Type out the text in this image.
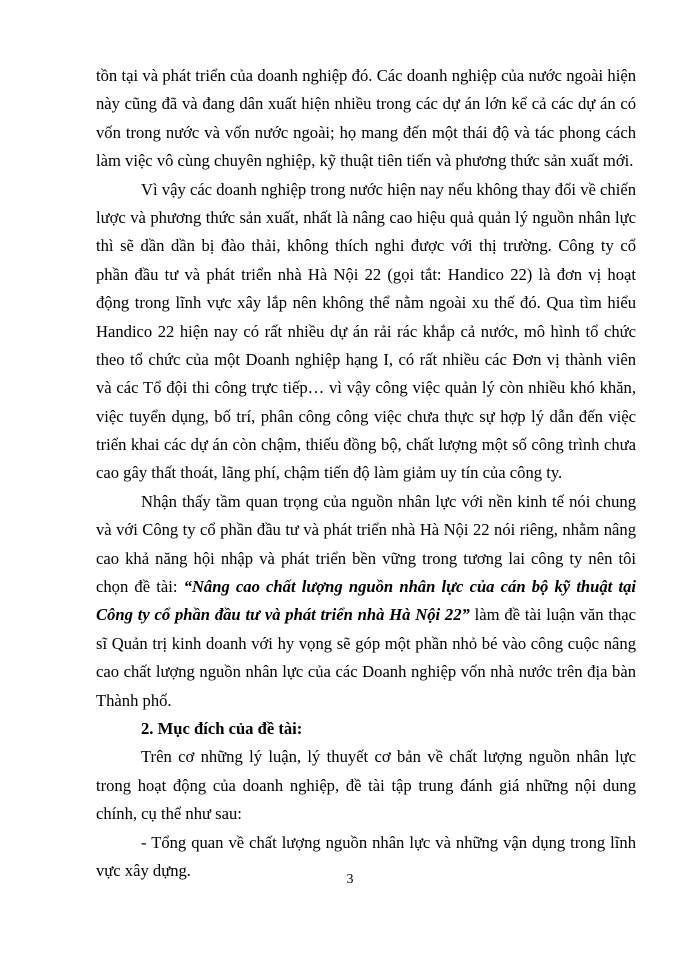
tồn tại và phát triển của doanh nghiệp đó. Các doanh nghiệp của nước ngoài hiện
này cũng đã và đang dân xuất hiện nhiều trong các dự án lớn kể cả các dự án có
vốn trong nước và vốn nước ngoài; họ mang đến một thái độ và tác phong cách
làm việc vô cùng chuyên nghiệp, kỹ thuật tiên tiến và phương thức sản xuất mới.
Vì vậy các doanh nghiệp trong nước hiện nay nếu không thay đổi về chiến
lược và phương thức sản xuất, nhất là nâng cao hiệu quả quản lý nguồn nhân lực
thì sẽ dần dần bị đào thải, không thích nghi được với thị trường. Công ty cổ
phần đầu tư và phát triển nhà Hà Nội 22 (gọi tắt: Handico 22) là đơn vị hoạt
động trong lĩnh vực xây lắp nên không thể nằm ngoài xu thế đó. Qua tìm hiểu
Handico 22 hiện nay có rất nhiều dự án rải rác khắp cả nước, mô hình tổ chức
theo tổ chức của một Doanh nghiệp hạng I, có rất nhiều các Đơn vị thành viên
và các Tổ đội thi công trực tiếp… vì vậy công việc quản lý còn nhiều khó khăn,
việc tuyển dụng, bố trí, phân công công việc chưa thực sự hợp lý dẫn đến việc
triển khai các dự án còn chậm, thiếu đồng bộ, chất lượng một số công trình chưa
cao gây thất thoát, lãng phí, chậm tiến độ làm giảm uy tín của công ty.
Nhận thấy tầm quan trọng của nguồn nhân lực với nền kinh tế nói chung
và với Công ty cổ phần đầu tư và phát triển nhà Hà Nội 22 nói riêng, nhằm nâng
cao khả năng hội nhập và phát triển bền vững trong tương lai công ty nên tôi
chọn đề tài: “Nâng cao chất lượng nguồn nhân lực của cán bộ kỹ thuật tại
Công ty cổ phần đầu tư và phát triển nhà Hà Nội 22” làm đề tài luận văn thạc
sĩ Quản trị kinh doanh với hy vọng sẽ góp một phần nhỏ bé vào công cuộc nâng
cao chất lượng nguồn nhân lực của các Doanh nghiệp vốn nhà nước trên địa bàn
Thành phố.
2. Mục đích của đề tài:
Trên cơ những lý luận, lý thuyết cơ bản về chất lượng nguồn nhân lực
trong hoạt động của doanh nghiệp, đề tài tập trung đánh giá những nội dung
chính, cụ thể như sau:
- Tổng quan về chất lượng nguồn nhân lực và những vận dụng trong lĩnh
vực xây dựng.	3
